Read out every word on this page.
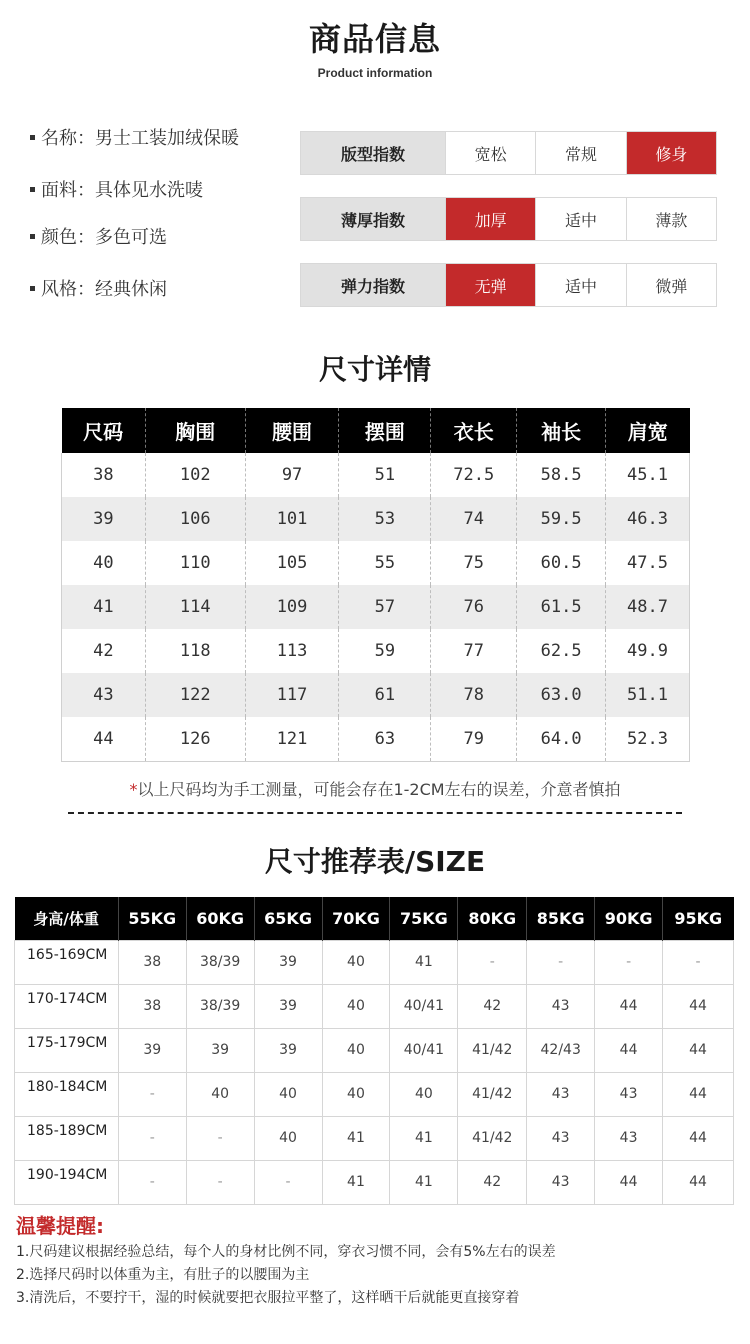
商品信息
Product information
名称：男士工装加绒保暖
面料：具体见水洗唛
颜色：多色可选
风格：经典休闲
版型指数	宽松	常规	修身
薄厚指数	加厚	适中	薄款
弹力指数	无弹	适中	微弹
尺寸详情
尺码	胸围	腰围	摆围	衣长	袖长	肩宽
38	102	97	51	72.5	58.5	45.1
39	106	101	53	74	59.5	46.3
40	110	105	55	75	60.5	47.5
41	114	109	57	76	61.5	48.7
42	118	113	59	77	62.5	49.9
43	122	117	61	78	63.0	51.1
44	126	121	63	79	64.0	52.3
*以上尺码均为手工测量，可能会存在1-2CM左右的误差，介意者慎拍
尺寸推荐表/SIZE
身高/体重	55KG	60KG	65KG	70KG	75KG	80KG	85KG	90KG	95KG
165-169CM	38	38/39	39	40	41	-	-	-	-
170-174CM	38	38/39	39	40	40/41	42	43	44	44
175-179CM	39	39	39	40	40/41	41/42	42/43	44	44
180-184CM	-	40	40	40	40	41/42	43	43	44
185-189CM	-	-	40	41	41	41/42	43	43	44
190-194CM	-	-	-	41	41	42	43	44	44
温馨提醒:
1.尺码建议根据经验总结，每个人的身材比例不同，穿衣习惯不同，会有5%左右的误差
2.选择尺码时以体重为主，有肚子的以腰围为主
3.清洗后，不要拧干，湿的时候就要把衣服拉平整了，这样晒干后就能更直接穿着
